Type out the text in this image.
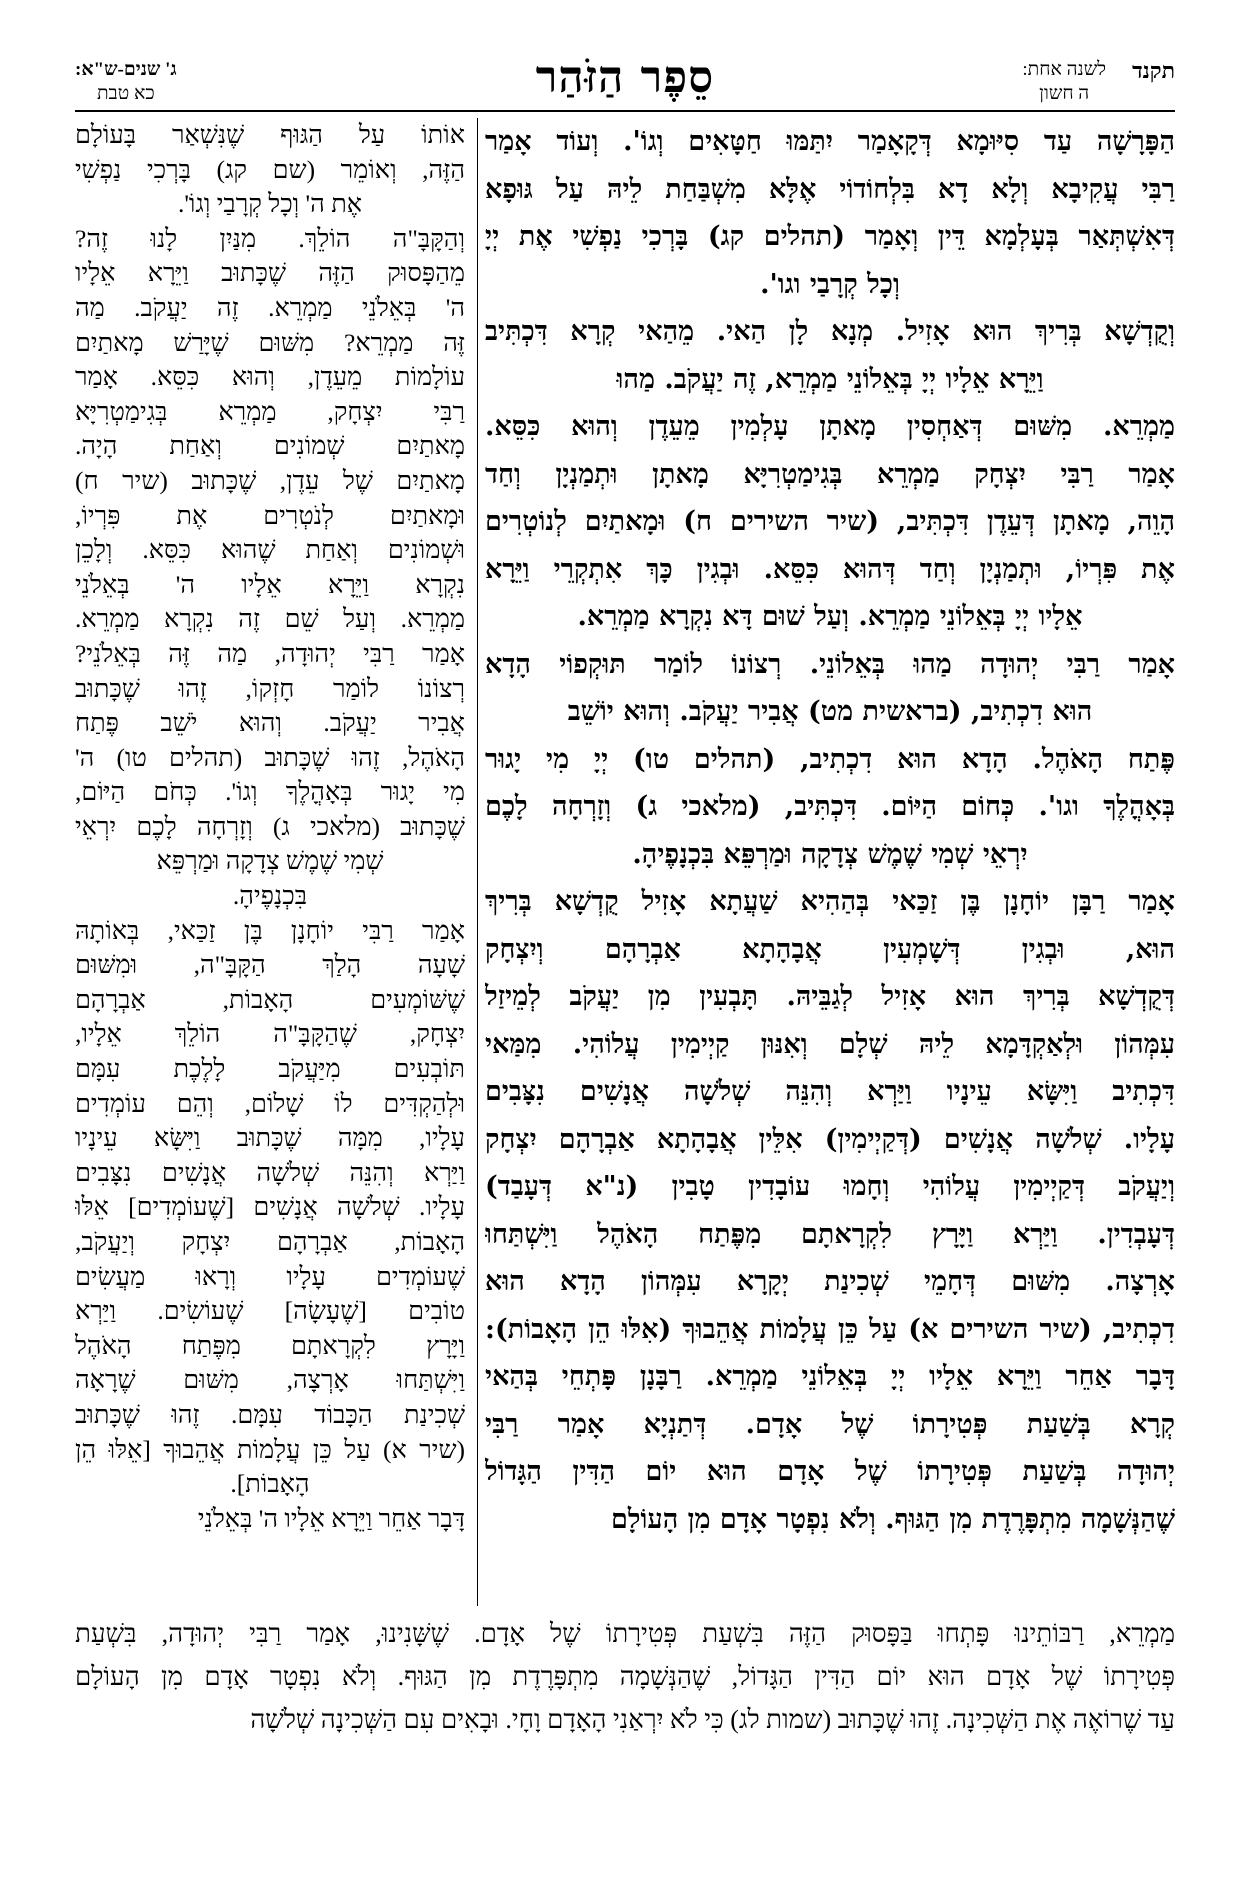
תקנד
לשנה אחת:
ה חשון
סֵפֶר הַזֹּהַר
ג' שנים-ש"א:
כא טבת
הַפָּרָשָׁה עַד סִיּוּמָא דְּקָאָמַר יִתַּמּוּ חַטָּאִים וְגוֹ'. וְעוֹד אָמַר
רַבִּי עֲקִיבָא וְלָא דָא בִּלְחוֹדוֹי אֶלָּא מִשְׁבַּחַת לֵיהּ עַל גּוּפָא
דְּאִשְׁתְּאַר בְּעָלְמָא דֵּין וְאָמַר (תהלים קג) בָּרְכִי נַפְשִׁי אֶת יְיָ
וְכָל קְרָבַי וגו'.
וְקֻדְשָׁא בְּרִיךְ הוּא אָזִיל. מְנָא לָן הַאי. מֵהַאי קְרָא דִּכְתִּיב
וַיֵּרָא אֵלָיו יְיָ בְּאֵלוֹנֵי מַמְרֵא, זֶה יַעֲקֹב. מַהוּ
מַמְרֵא. מִשּׁוּם דְּאַחְסִין מָאתָן עָלְמִין מֵעֵדֶן וְהוּא כִּסֵּא.
אָמַר רַבִּי יִצְחָק מַמְרֵא בְּגִימַטְרִיָּא מָאתָן וּתְמַנְיָן וְחַד
הָוֵה, מָאתָן דְּעֵדֶן דִּכְתִּיב, (שיר השירים ח) וּמָאתַיִם לְנוֹטְרִים
אֶת פִּרְיוֹ, וּתְמַנְיָן וְחַד דְּהוּא כִּסֵּא. וּבְגִין כָּךְ אִתְקְרֵי וַיֵּרָא
אֵלָיו יְיָ בְּאֵלוֹנֵי מַמְרֵא. וְעַל שׁוּם דָּא נִקְרָא מַמְרֵא.
אָמַר רַבִּי יְהוּדָה מַהוּ בְּאֵלוֹנֵי. רְצוֹנוֹ לוֹמַר תּוּקְפוֹי הָדָא
הוּא דִכְתִיב, (בראשית מט) אֲבִיר יַעֲקֹב. וְהוּא יוֹשֵׁב
פֶּתַח הָאֹהֶל. הָדָא הוּא דִכְתִיב, (תהלים טו) יְיָ מִי יָגוּר
בְּאָהֳלֶךָ וגו'. כְּחוֹם הַיּוֹם. דִּכְתִּיב, (מלאכי ג) וְזָרְחָה לָכֶם
יִרְאֵי שְׁמִי שֶׁמֶשׁ צְדָקָה וּמַרְפֵּא בִּכְנָפֶיהָ.
אָמַר רַבָּן יוֹחָנָן בֶּן זַכַּאי בְּהַהִיא שַׁעֲתָא אָזִיל קֻדְשָׁא בְּרִיךְ
הוּא, וּבְגִין דְּשָׁמְעִין אֲבָהָתָא אַבְרָהָם וְיִצְחָק
דְּקֻדְשָׁא בְּרִיךְ הוּא אָזִיל לְגַבֵּיהּ. תָּבְעִין מִן יַעֲקֹב לְמֵיזַל
עִמְּהוֹן וּלְאַקְדָּמָא לֵיהּ שְׁלָם וְאִנּוּן קַיְימִין עֲלוֹהִי. מִמַּאי
דִּכְתִיב וַיִּשָּׂא עֵינָיו וַיַּרְא וְהִנֵּה שְׁלֹשָׁה אֲנָשִׁים נִצָּבִים
עָלָיו. שְׁלֹשָׁה אֲנָשִׁים (דְּקַיְימִין) אִלֵּין אֲבָהָתָא אַבְרָהָם יִצְחָק
וְיַעֲקֹב דְּקַיְימִין עֲלוֹהִי וְחָמוּ עוֹבָדִין טָבִין (נ"א דְּעָבַד)
דְּעָבְדִין. וַיַּרְא וַיָּרָץ לִקְרָאתָם מִפֶּתַח הָאֹהֶל וַיִּשְׁתַּחוּ
אָרְצָה. מִשּׁוּם דְּחָמֵי שְׁכִינַת יְקָרָא עִמְּהוֹן הָדָא הוּא
דִכְתִיב, (שיר השירים א) עַל כֵּן עֲלָמוֹת אֲהֵבוּךָ (אִלּוּ הֵן הָאָבוֹת):
דָּבָר אַחֵר וַיֵּרָא אֵלָיו יְיָ בְּאֵלוֹנֵי מַמְרֵא. רַבָּנָן פָּתְחֵי בְּהַאי
קְרָא בְּשַׁעַת פְּטִירָתוֹ שֶׁל אָדָם. דְּתַנְיָא אָמַר רַבִּי
יְהוּדָה בְּשַׁעַת פְּטִירָתוֹ שֶׁל אָדָם הוּא יוֹם הַדִּין הַגָּדוֹל
שֶׁהַנְּשָׁמָה מִתְפָּרֶדֶת מִן הַגּוּף. וְלֹא נִפְטָר אָדָם מִן הָעוֹלָם
אוֹתוֹ עַל הַגּוּף שֶׁנִּשְׁאַר בָּעוֹלָם
הַזֶּה, וְאוֹמֵר (שם קג) בָּרְכִי נַפְשִׁי
אֶת ה' וְכָל קְרָבַי וְגוֹ'.
וְהַקָּבָּ"ה הוֹלֵךְ. מִנַּיִן לָנוּ זֶה?
מֵהַפָּסוּק הַזֶּה שֶׁכָּתוּב וַיֵּרָא אֵלָיו
ה' בְּאֵלֹנֵי מַמְרֵא. זֶה יַעֲקֹב. מַה
זֶּה מַמְרֵא? מִשּׁוּם שֶׁיָּרַשׁ מָאתַיִם
עוֹלָמוֹת מֵעֵדֶן, וְהוּא כִּסֵּא. אָמַר
רַבִּי יִצְחָק, מַמְרֵא בְּגִימַטְרִיָּא
מָאתַיִם שְׁמוֹנִים וְאַחַת הָיָה.
מָאתַיִם שֶׁל עֵדֶן, שֶׁכָּתוּב (שיר ח)
וּמָאתַיִם לְנֹטְרִים אֶת פִּרְיוֹ,
וּשְׁמוֹנִים וְאַחַת שֶׁהוּא כִּסֵּא. וְלָכֵן
נִקְרָא וַיֵּרָא אֵלָיו ה' בְּאֵלֹנֵי
מַמְרֵא. וְעַל שֵׁם זֶה נִקְרָא מַמְרֵא.
אָמַר רַבִּי יְהוּדָה, מַה זֶּה בְּאֵלֹנֵי?
רְצוֹנוֹ לוֹמַר חָזְקוֹ, זֶהוּ שֶׁכָּתוּב
אֲבִיר יַעֲקֹב. וְהוּא יֹשֵׁב פֶּתַח
הָאֹהֶל, זֶהוּ שֶׁכָּתוּב (תהלים טו) ה'
מִי יָגוּר בְּאָהֳלֶךָ וְגוֹ'. כְּחֹם הַיּוֹם,
שֶׁכָּתוּב (מלאכי ג) וְזָרְחָה לָכֶם יִרְאֵי
שְׁמִי שֶׁמֶשׁ צְדָקָה וּמַרְפֵּא
בִּכְנָפֶיהָ.
אָמַר רַבִּי יוֹחָנָן בֶּן זַכַּאי, בְּאוֹתָהּ
שָׁעָה הָלַךְ הַקָּבָּ"ה, וּמִשּׁוּם
שֶׁשּׁוֹמְעִים הָאָבוֹת, אַבְרָהָם
יִצְחָק, שֶׁהַקָּבָּ"ה הוֹלֵךְ אֵלָיו,
תּוֹבְעִים מִיַּעֲקֹב לָלֶכֶת עִמָּם
וּלְהַקְדִּים לוֹ שָׁלוֹם, וְהֵם עוֹמְדִים
עָלָיו, מִמָּה שֶׁכָּתוּב וַיִּשָּׂא עֵינָיו
וַיַּרְא וְהִנֵּה שְׁלֹשָׁה אֲנָשִׁים נִצָּבִים
עָלָיו. שְׁלֹשָׁה אֲנָשִׁים [שֶׁעוֹמְדִים] אֵלּוּ
הָאָבוֹת, אַבְרָהָם יִצְחָק וְיַעֲקֹב,
שֶׁעוֹמְדִים עָלָיו וְרָאוּ מַעֲשִׂים
טוֹבִים [שֶׁעָשָׂה] שֶׁעוֹשִׂים. וַיַּרְא
וַיָּרָץ לִקְרָאתָם מִפֶּתַח הָאֹהֶל
וַיִּשְׁתַּחוּ אָרְצָה, מִשּׁוּם שֶׁרָאָה
שְׁכִינַת הַכָּבוֹד עִמָּם. זֶהוּ שֶׁכָּתוּב
(שיר א) עַל כֵּן עֲלָמוֹת אֲהֵבוּךָ [אֵלּוּ הֵן
הָאָבוֹת].
דָּבָר אַחֵר וַיֵּרָא אֵלָיו ה' בְּאֵלֹנֵי
מַמְרֵא, רַבּוֹתֵינוּ פָּתְחוּ בַּפָּסוּק הַזֶּה בִּשְׁעַת פְּטִירָתוֹ שֶׁל אָדָם. שֶׁשָּׁנִינוּ, אָמַר רַבִּי יְהוּדָה, בִּשְׁעַת
פְּטִירָתוֹ שֶׁל אָדָם הוּא יוֹם הַדִּין הַגָּדוֹל, שֶׁהַנְּשָׁמָה מִתְפָּרֶדֶת מִן הַגּוּף. וְלֹא נִפְטָר אָדָם מִן הָעוֹלָם
עַד שֶׁרוֹאֶה אֶת הַשְּׁכִינָה. זֶהוּ שֶׁכָּתוּב (שמות לג) כִּי לֹא יִרְאַנִי הָאָדָם וָחָי. וּבָאִים עִם הַשְּׁכִינָה שְׁלֹשָׁה
